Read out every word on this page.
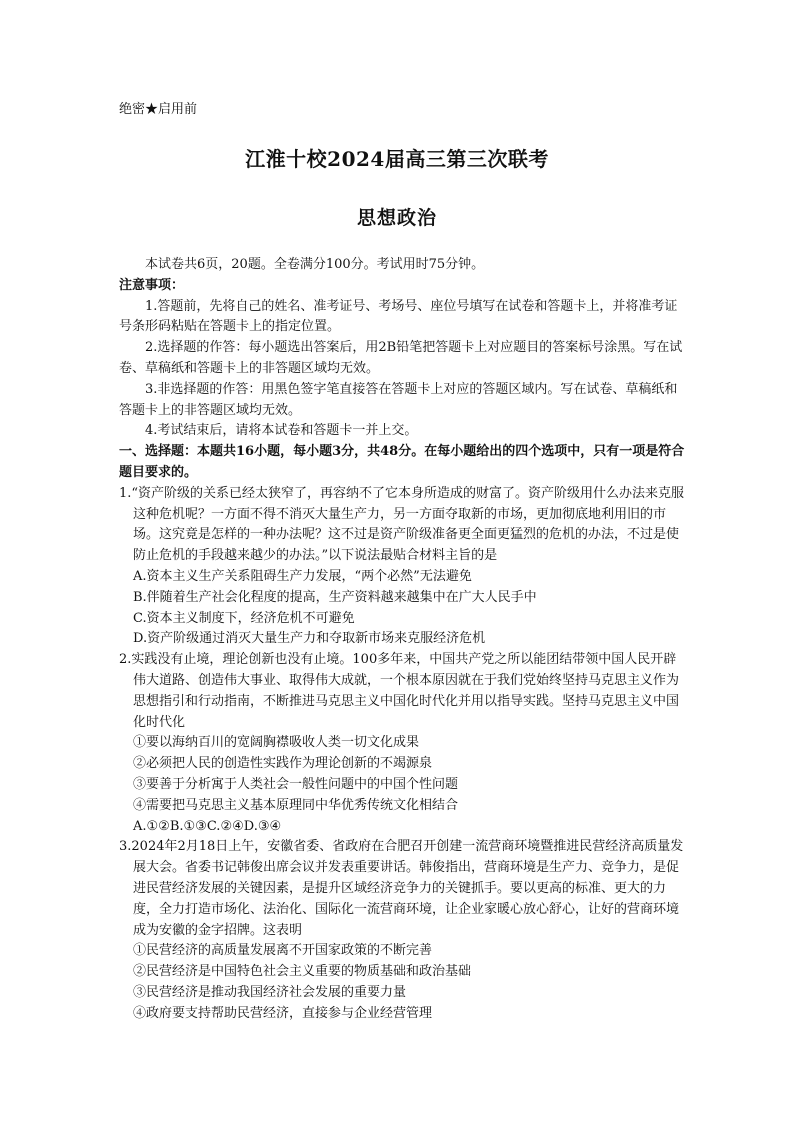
绝密★启用前
江淮十校2024届高三第三次联考
思想政治

本试卷共6页，20题。全卷满分100分。考试用时75分钟。

注意事项：

1.答题前，先将自己的姓名、准考证号、考场号、座位号填写在试卷和答题卡上，并将准考证号条形码粘贴在答题卡上的指定位置。

2.选择题的作答：每小题选出答案后，用2B铅笔把答题卡上对应题目的答案标号涂黑。写在试卷、草稿纸和答题卡上的非答题区域均无效。

3.非选择题的作答：用黑色签字笔直接答在答题卡上对应的答题区域内。写在试卷、草稿纸和答题卡上的非答题区域均无效。

4.考试结束后，请将本试卷和答题卡一并上交。

一、选择题：本题共16小题，每小题3分，共48分。在每小题给出的四个选项中，只有一项是符合题目要求的。

1.“资产阶级的关系已经太狭窄了，再容纳不了它本身所造成的财富了。资产阶级用什么办法来克服这种危机呢？一方面不得不消灭大量生产力，另一方面夺取新的市场，更加彻底地利用旧的市场。这究竟是怎样的一种办法呢？这不过是资产阶级准备更全面更猛烈的危机的办法，不过是使防止危机的手段越来越少的办法。”以下说法最贴合材料主旨的是

A.资本主义生产关系阻碍生产力发展，“两个必然”无法避免

B.伴随着生产社会化程度的提高，生产资料越来越集中在广大人民手中

C.资本主义制度下，经济危机不可避免

D.资产阶级通过消灭大量生产力和夺取新市场来克服经济危机

2.实践没有止境，理论创新也没有止境。100多年来，中国共产党之所以能团结带领中国人民开辟伟大道路、创造伟大事业、取得伟大成就，一个根本原因就在于我们党始终坚持马克思主义作为思想指引和行动指南，不断推进马克思主义中国化时代化并用以指导实践。坚持马克思主义中国化时代化

①要以海纳百川的宽阔胸襟吸收人类一切文化成果

②必须把人民的创造性实践作为理论创新的不竭源泉

③要善于分析寓于人类社会一般性问题中的中国个性问题

④需要把马克思主义基本原理同中华优秀传统文化相结合

A.①②B.①③C.②④D.③④

3.2024年2月18日上午，安徽省委、省政府在合肥召开创建一流营商环境暨推进民营经济高质量发展大会。省委书记韩俊出席会议并发表重要讲话。韩俊指出，营商环境是生产力、竞争力，是促进民营经济发展的关键因素，是提升区域经济竞争力的关键抓手。要以更高的标准、更大的力度，全力打造市场化、法治化、国际化一流营商环境，让企业家暖心放心舒心，让好的营商环境成为安徽的金字招牌。这表明

①民营经济的高质量发展离不开国家政策的不断完善

②民营经济是中国特色社会主义重要的物质基础和政治基础

③民营经济是推动我国经济社会发展的重要力量

④政府要支持帮助民营经济，直接参与企业经营管理
